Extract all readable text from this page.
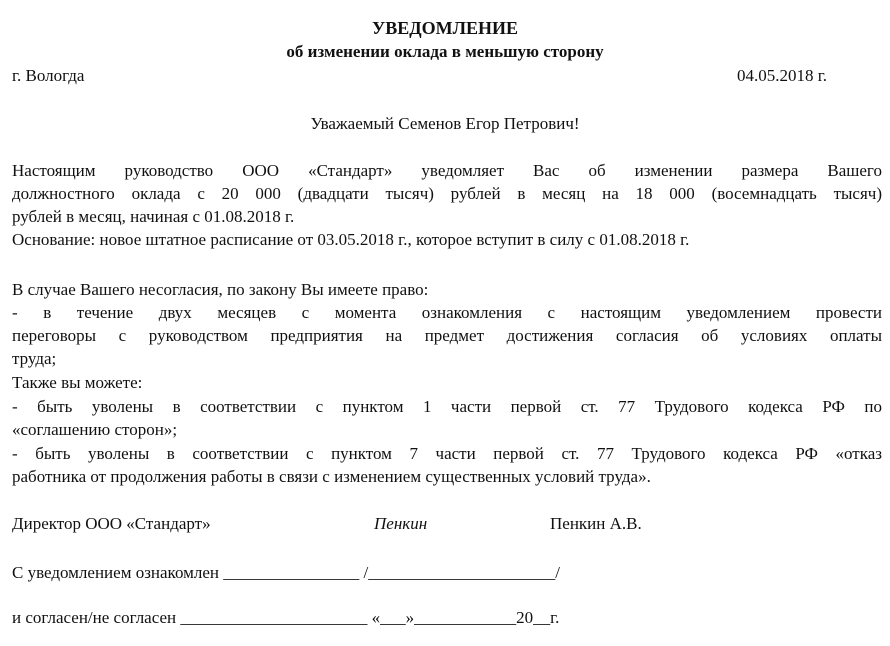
УВЕДОМЛЕНИЕ
об изменении оклада в меньшую сторону
г. Вологда	04.05.2018 г.
Уважаемый Семенов Егор Петрович!
Настоящим руководство ООО «Стандарт» уведомляет Вас об изменении размера Вашего
должностного оклада с 20 000 (двадцати тысяч) рублей в месяц на 18 000 (восемнадцать тысяч)
рублей в месяц, начиная с 01.08.2018 г.
Основание: новое штатное расписание от 03.05.2018 г., которое вступит в силу с 01.08.2018 г.
В случае Вашего несогласия, по закону Вы имеете право:
- в течение двух месяцев с момента ознакомления с настоящим уведомлением провести
переговоры с руководством предприятия на предмет достижения согласия об условиях оплаты
труда;
Также вы можете:
- быть уволены в соответствии с пунктом 1 части первой ст. 77 Трудового кодекса РФ по
«соглашению сторон»;
- быть уволены в соответствии с пунктом 7 части первой ст. 77 Трудового кодекса РФ «отказ
работника от продолжения работы в связи с изменением существенных условий труда».
Директор ООО «Стандарт»	Пенкин	Пенкин А.В.
С уведомлением ознакомлен ________________ /______________________/
и согласен/не согласен ______________________ «___»____________20__г.
